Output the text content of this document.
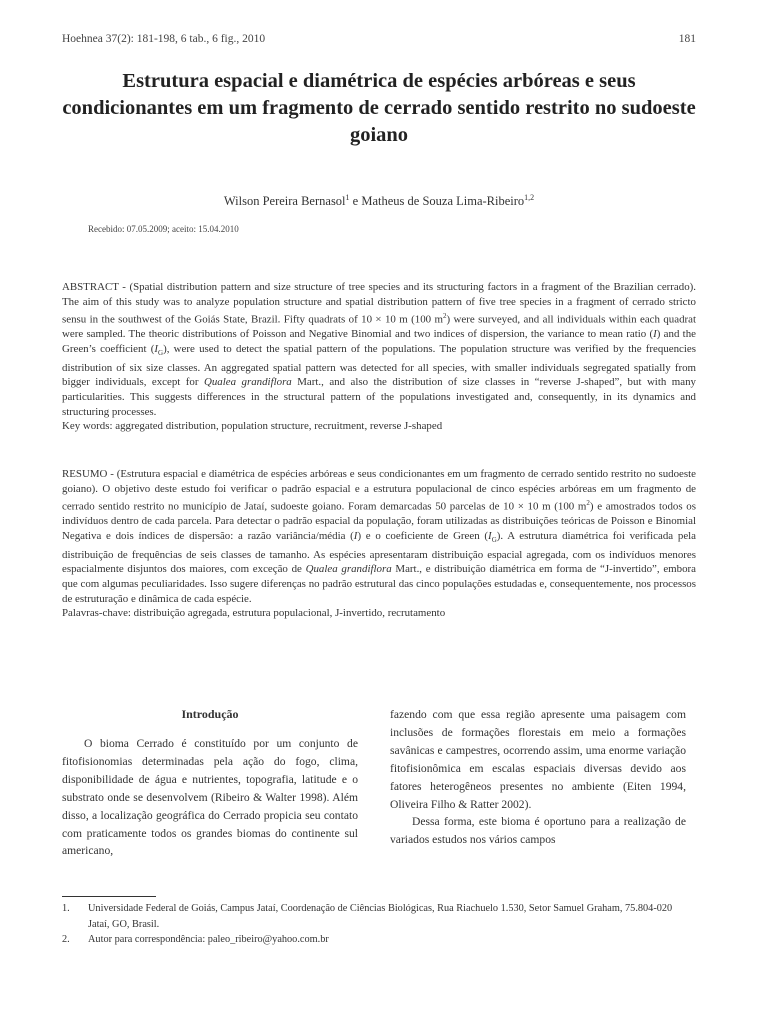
Hoehnea 37(2): 181-198, 6 tab., 6 fig., 2010	181
Estrutura espacial e diamétrica de espécies arbóreas e seus condicionantes em um fragmento de cerrado sentido restrito no sudoeste goiano
Wilson Pereira Bernasol$^1$ e Matheus de Souza Lima-Ribeiro$^{1,2}$
Recebido: 07.05.2009; aceito: 15.04.2010

ABSTRACT - (Spatial distribution pattern and size structure of tree species and its structuring factors in a fragment of the Brazilian cerrado). The aim of this study was to analyze population structure and spatial distribution pattern of five tree species in a fragment of cerrado stricto sensu in the southwest of the Goiás State, Brazil. Fifty quadrats of 10 × 10 m (100 $m^2$) were surveyed, and all individuals within each quadrat were sampled. The theoric distributions of Poisson and Negative Binomial and two indices of dispersion, the variance to mean ratio (I) and the Green’s coefficient $(I_G)$, were used to detect the spatial pattern of the populations. The population structure was verified by the frequencies distribution of six size classes. An aggregated spatial pattern was detected for all species, with smaller individuals segregated spatially from bigger individuals, except for Qualea grandiflora Mart., and also the distribution of size classes in “reverse J-shaped”, but with many particularities. This suggests differences in the structural pattern of the populations investigated and, consequently, in its dynamics and structuring processes.

Key words: aggregated distribution, population structure, recruitment, reverse J-shaped

RESUMO - (Estrutura espacial e diamétrica de espécies arbóreas e seus condicionantes em um fragmento de cerrado sentido restrito no sudoeste goiano). O objetivo deste estudo foi verificar o padrão espacial e a estrutura populacional de cinco espécies arbóreas em um fragmento de cerrado sentido restrito no município de Jataí, sudoeste goiano. Foram demarcadas 50 parcelas de 10 × 10 m (100 $m^2$) e amostrados todos os indivíduos dentro de cada parcela. Para detectar o padrão espacial da população, foram utilizadas as distribuições teóricas de Poisson e Binomial Negativa e dois índices de dispersão: a razão variância/média (I) e o coeficiente de Green $(I_G)$. A estrutura diamétrica foi verificada pela distribuição de frequências de seis classes de tamanho. As espécies apresentaram distribuição espacial agregada, com os indivíduos menores espacialmente disjuntos dos maiores, com exceção de Qualea grandiflora Mart., e distribuição diamétrica em forma de “J-invertido”, embora que com algumas peculiaridades. Isso sugere diferenças no padrão estrutural das cinco populações estudadas e, consequentemente, nos processos de estruturação e dinâmica de cada espécie.

Palavras-chave: distribuição agregada, estrutura populacional, J-invertido, recrutamento

Introdução

O bioma Cerrado é constituído por um conjunto de fitofisionomias determinadas pela ação do fogo, clima, disponibilidade de água e nutrientes, topografia, latitude e o substrato onde se desenvolvem (Ribeiro & Walter 1998). Além disso, a localização geográfica do Cerrado propicia seu contato com praticamente todos os grandes biomas do continente sul americano,

fazendo com que essa região apresente uma paisagem com inclusões de formações florestais em meio a formações savânicas e campestres, ocorrendo assim, uma enorme variação fitofisionômica em escalas espaciais diversas devido aos fatores heterogêneos presentes no ambiente (Eiten 1994, Oliveira Filho & Ratter 2002).

Dessa forma, este bioma é oportuno para a realização de variados estudos nos vários campos

1.	Universidade Federal de Goiás, Campus Jataí, Coordenação de Ciências Biológicas, Rua Riachuelo 1.530, Setor Samuel Graham, 75.804-020 Jataí, GO, Brasil.
2.	Autor para correspondência: paleo_ribeiro@yahoo.com.br
